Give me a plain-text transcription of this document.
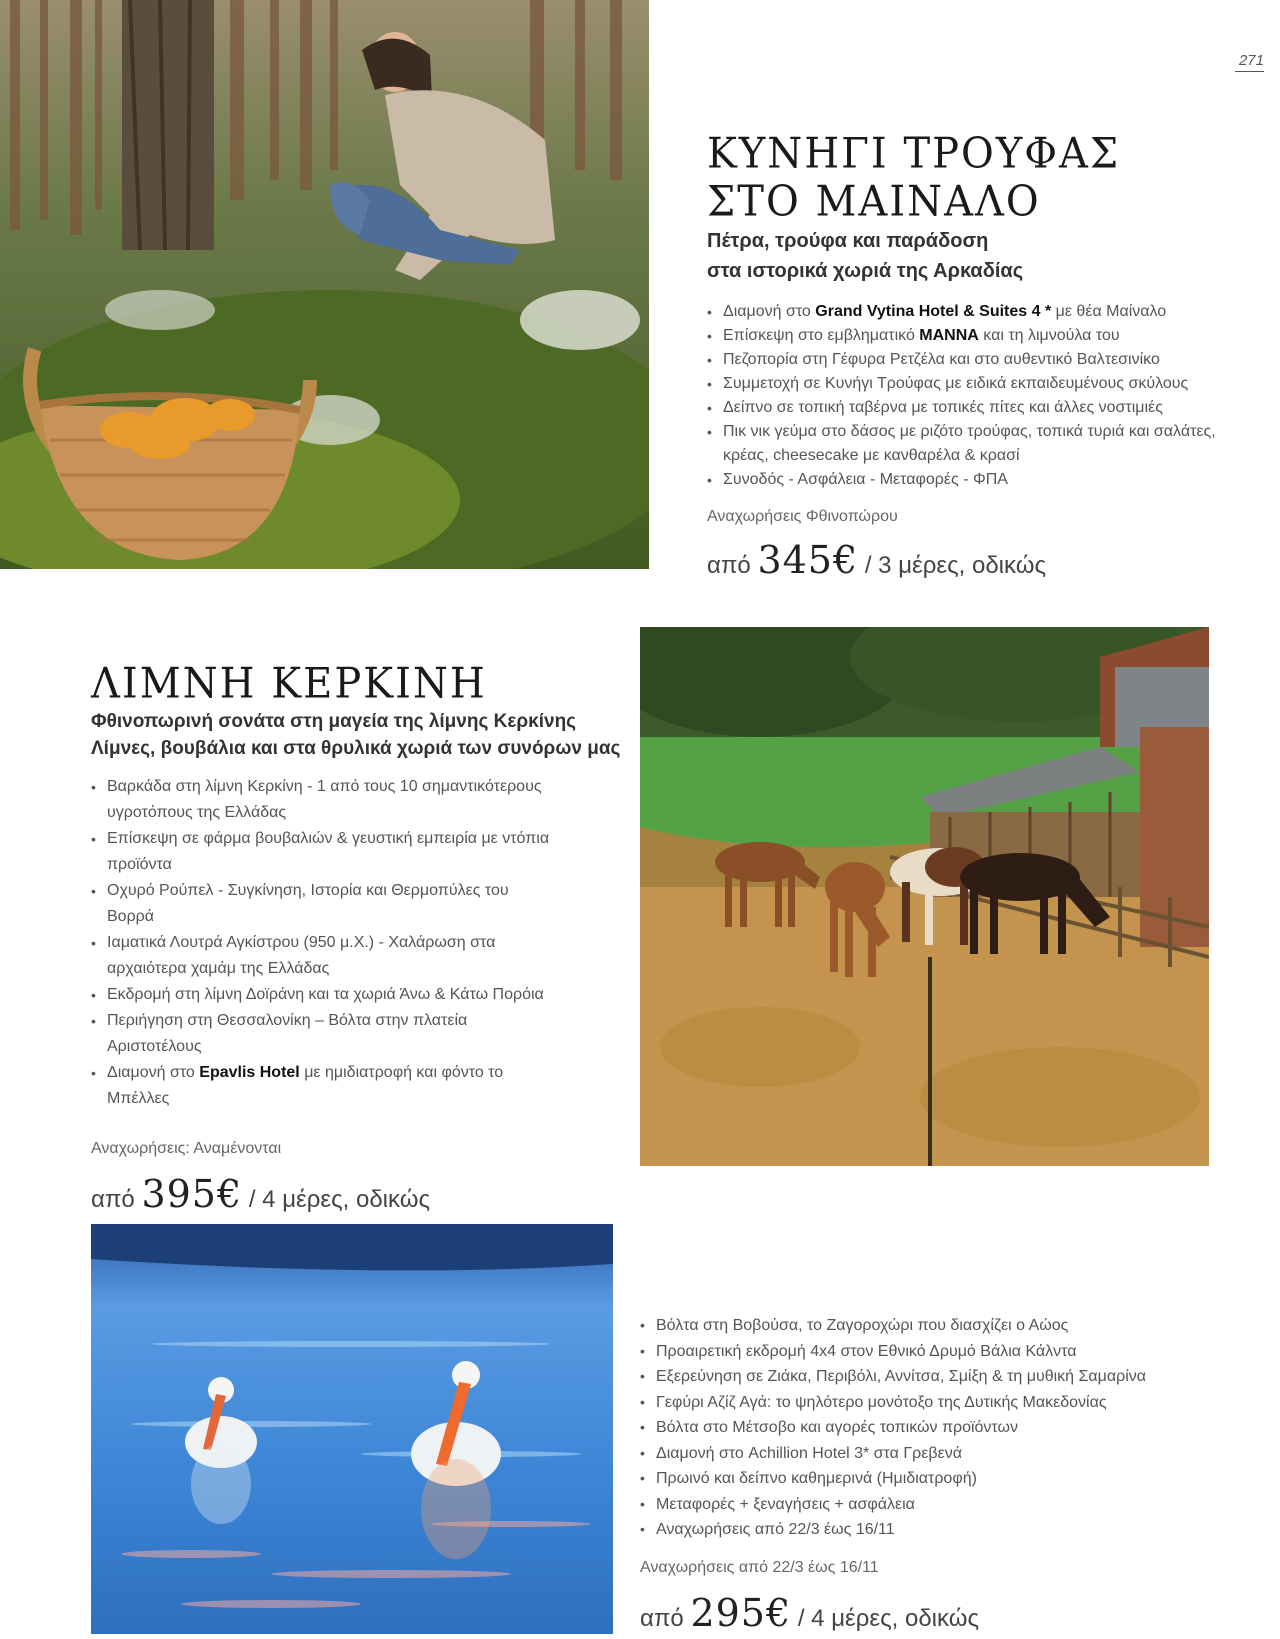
271
ΚΥΝΗΓΙ ΤΡΟΥΦΑΣ
ΣΤΟ ΜΑΙΝΑΛΟ
Πέτρα, τρούφα και παράδοση
στα ιστορικά χωριά της Αρκαδίας
• Διαμονή στο Grand Vytina Hotel & Suites 4 * με θέα Μαίναλο
• Επίσκεψη στο εμβληματικό MANNA και τη λιμνούλα του
• Πεζοπορία στη Γέφυρα Ρετζέλα και στο αυθεντικό Βαλτεσινίκο
• Συμμετοχή σε Κυνήγι Τρούφας με ειδικά εκπαιδευμένους σκύλους
• Δείπνο σε τοπική ταβέρνα με τοπικές πίτες και άλλες νοστιμιές
• Πικ νικ γεύμα στο δάσος με ριζότο τρούφας, τοπικά τυριά και σαλάτες, κρέας, cheesecake με κανθαρέλα & κρασί
• Συνοδός - Ασφάλεια - Μεταφορές - ΦΠΑ
Αναχωρήσεις Φθινοπώρου
από 345€ / 3 μέρες, οδικώς
ΛΙΜΝΗ ΚΕΡΚΙΝΗ
Φθινοπωρινή σονάτα στη μαγεία της λίμνης Κερκίνης
Λίμνες, βουβάλια και στα θρυλικά χωριά των συνόρων μας
• Βαρκάδα στη λίμνη Κερκίνη - 1 από τους 10 σημαντικότερους υγροτόπους της Ελλάδας
• Επίσκεψη σε φάρμα βουβαλιών & γευστική εμπειρία με ντόπια προϊόντα
• Οχυρό Ρούπελ - Συγκίνηση, Ιστορία και Θερμοπύλες του Βορρά
• Ιαματικά Λουτρά Αγκίστρου (950 μ.Χ.) - Χαλάρωση στα αρχαιότερα χαμάμ της Ελλάδας
• Εκδρομή στη λίμνη Δοϊράνη και τα χωριά Άνω & Κάτω Πορόια
• Περιήγηση στη Θεσσαλονίκη – Βόλτα στην πλατεία Αριστοτέλους
• Διαμονή στο Epavlis Hotel με ημιδιατροφή και φόντο το Μπέλλες
Αναχωρήσεις: Αναμένονται
από 395€ / 4 μέρες, οδικώς
• Βόλτα στη Βοβούσα, το Ζαγοροχώρι που διασχίζει ο Αώος
• Προαιρετική εκδρομή 4x4 στον Εθνικό Δρυμό Βάλια Κάλντα
• Εξερεύνηση σε Ζιάκα, Περιβόλι, Αννίτσα, Σμίξη & τη μυθική Σαμαρίνα
• Γεφύρι Αζίζ Αγά: το ψηλότερο μονότοξο της Δυτικής Μακεδονίας
• Βόλτα στο Μέτσοβο και αγορές τοπικών προϊόντων
• Διαμονή στο Achillion Hotel 3* στα Γρεβενά
• Πρωινό και δείπνο καθημερινά (Ημιδιατροφή)
• Μεταφορές + ξεναγήσεις + ασφάλεια
• Αναχωρήσεις από 22/3 έως 16/11
Αναχωρήσεις από 22/3 έως 16/11
από 295€ / 4 μέρες, οδικώς
